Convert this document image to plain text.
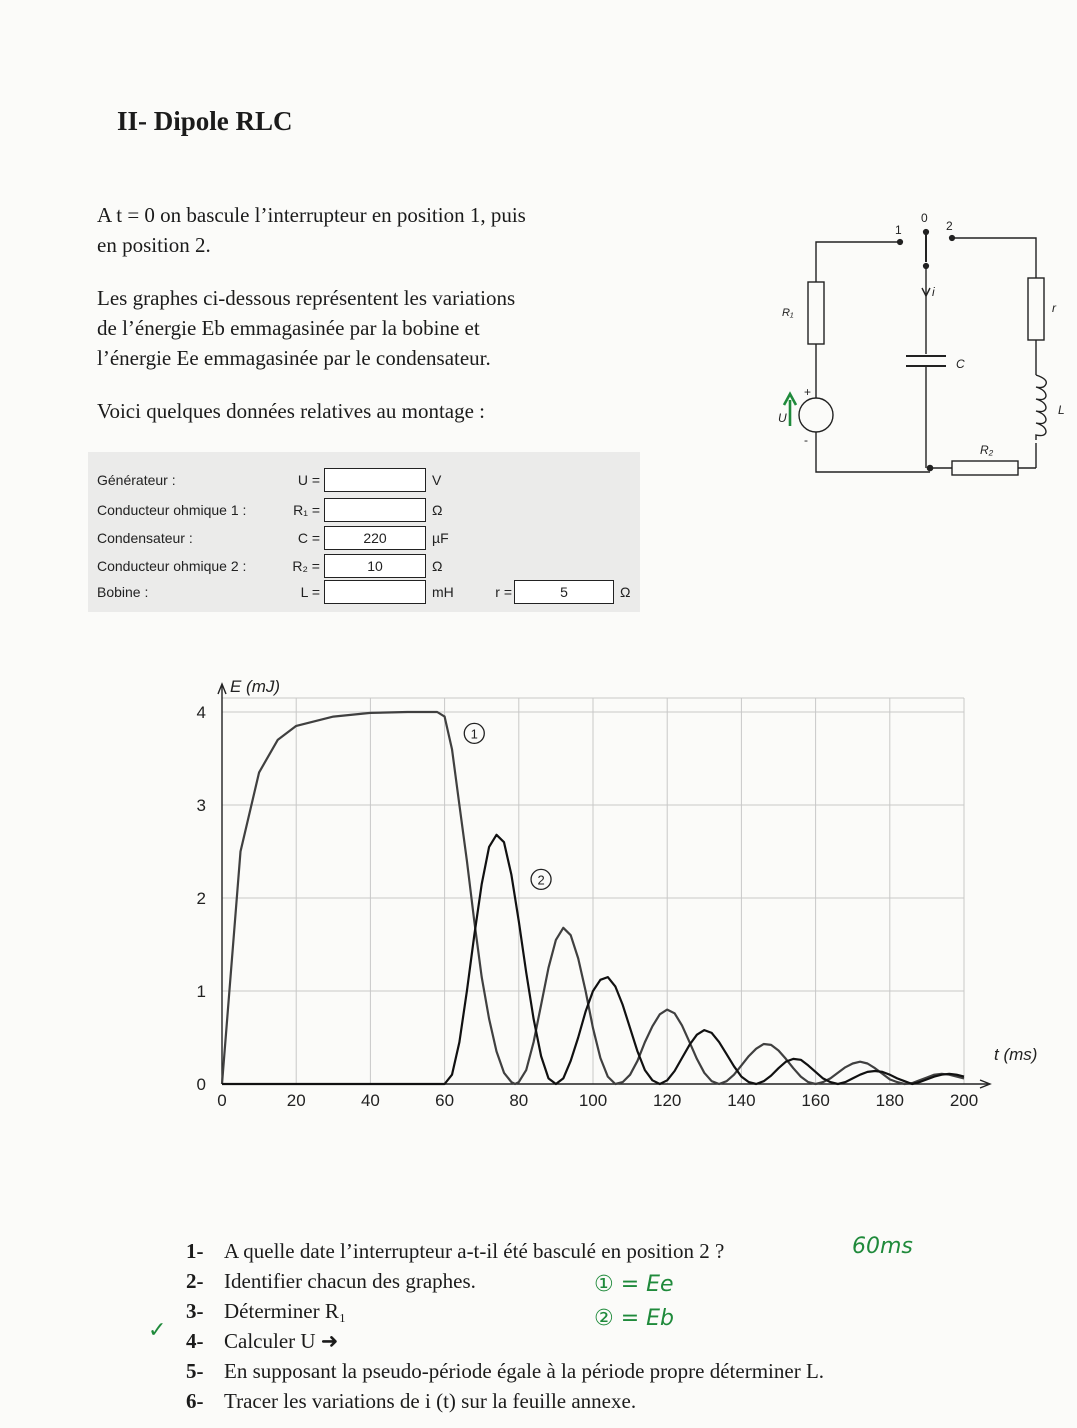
II- Dipole RLC
A t = 0 on bascule l’interrupteur en position 1, puis
en position 2.
Les graphes ci-dessous représentent les variations
de l’énergie Eb emmagasinée par la bobine et
l’énergie Ee emmagasinée par le condensateur.
Voici quelques données relatives au montage :
Générateur :	U =	V
Conducteur ohmique 1 :	R₁ =	Ω
Condensateur :	C =	220	µF
Conducteur ohmique 2 :	R₂ =	10	Ω
Bobine :	L =	mH	r =	5	Ω
1
0
2
i
R₁
C
r
L
R₂
U
+
-
0	20	40	60	80	100	120	140	160	180	200
0
1
2
3
4
E (mJ)
t (ms)
1
2
1- A quelle date l’interrupteur a-t-il été basculé en position 2 ?
2- Identifier chacun des graphes.
3- Déterminer R₁
4- Calculer U ➜
5- En supposant la pseudo-période égale à la période propre déterminer L.
6- Tracer les variations de i (t) sur la feuille annexe.
60ms
① = Ee
② = Eb
✓
